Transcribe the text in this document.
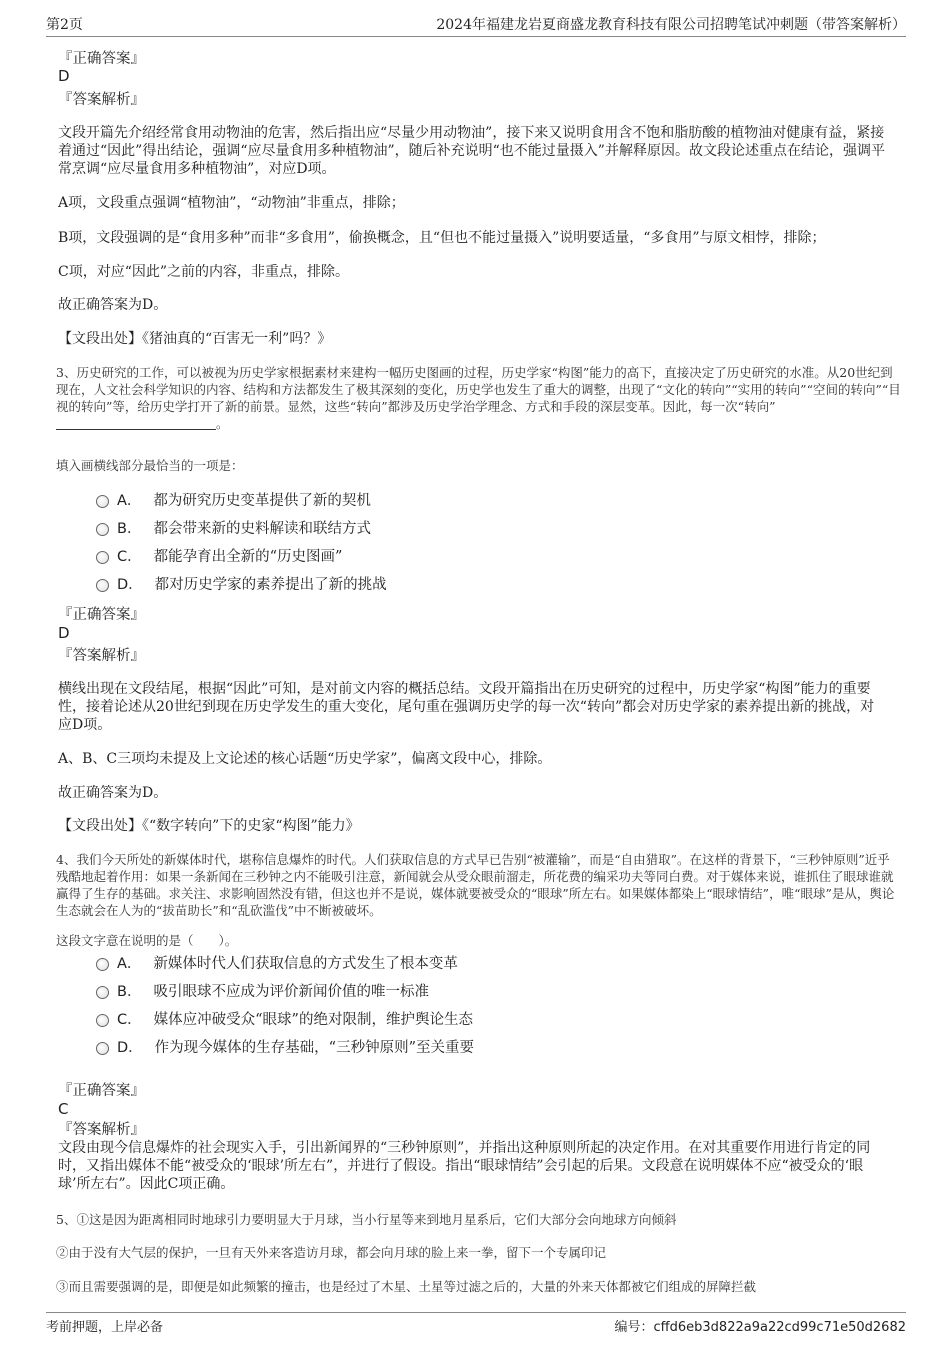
第2页	2024年福建龙岩夏商盛龙教育科技有限公司招聘笔试冲刺题（带答案解析）
『正确答案』
D
『答案解析』
文段开篇先介绍经常食用动物油的危害，然后指出应“尽量少用动物油”，接下来又说明食用含不饱和脂肪酸的植物油对健康有益，紧接着通过“因此”得出结论，强调“应尽量食用多种植物油”，随后补充说明“也不能过量摄入”并解释原因。故文段论述重点在结论，强调平常烹调“应尽量食用多种植物油”，对应D项。
A项，文段重点强调“植物油”，“动物油”非重点，排除；
B项，文段强调的是“食用多种”而非“多食用”，偷换概念，且“但也不能过量摄入”说明要适量，“多食用”与原文相悖，排除；
C项，对应“因此”之前的内容，非重点，排除。
故正确答案为D。
【文段出处】《猪油真的“百害无一利”吗？》
3、历史研究的工作，可以被视为历史学家根据素材来建构一幅历史图画的过程，历史学家“构图”能力的高下，直接决定了历史研究的水准。从20世纪到现在，人文社会科学知识的内容、结构和方法都发生了极其深刻的变化，历史学也发生了重大的调整，出现了“文化的转向”“实用的转向”“空间的转向”“目视的转向”等，给历史学打开了新的前景。显然，这些“转向”都涉及历史学治学理念、方式和手段的深层变革。因此，每一次“转向” 。
填入画横线部分最恰当的一项是：
A． 都为研究历史变革提供了新的契机
B． 都会带来新的史料解读和联结方式
C． 都能孕育出全新的“历史图画”
D． 都对历史学家的素养提出了新的挑战
『正确答案』
D
『答案解析』
横线出现在文段结尾，根据“因此”可知，是对前文内容的概括总结。文段开篇指出在历史研究的过程中，历史学家“构图”能力的重要性，接着论述从20世纪到现在历史学发生的重大变化，尾句重在强调历史学的每一次“转向”都会对历史学家的素养提出新的挑战，对应D项。
A、B、C三项均未提及上文论述的核心话题“历史学家”，偏离文段中心，排除。
故正确答案为D。
【文段出处】《“数字转向”下的史家“构图”能力》
4、我们今天所处的新媒体时代，堪称信息爆炸的时代。人们获取信息的方式早已告别“被灌输”，而是“自由猎取”。在这样的背景下，“三秒钟原则”近乎残酷地起着作用：如果一条新闻在三秒钟之内不能吸引注意，新闻就会从受众眼前溜走，所花费的编采功夫等同白费。对于媒体来说，谁抓住了眼球谁就赢得了生存的基础。求关注、求影响固然没有错，但这也并不是说，媒体就要被受众的“眼球”所左右。如果媒体都染上“眼球情结”，唯“眼球”是从，舆论生态就会在人为的“拔苗助长”和“乱砍滥伐”中不断被破坏。
这段文字意在说明的是（　　）。
A． 新媒体时代人们获取信息的方式发生了根本变革
B． 吸引眼球不应成为评价新闻价值的唯一标准
C． 媒体应冲破受众“眼球”的绝对限制，维护舆论生态
D． 作为现今媒体的生存基础，“三秒钟原则”至关重要
『正确答案』
C
『答案解析』
文段由现今信息爆炸的社会现实入手，引出新闻界的“三秒钟原则”，并指出这种原则所起的决定作用。在对其重要作用进行肯定的同时，又指出媒体不能“被受众的‘眼球’所左右”，并进行了假设。指出“眼球情结”会引起的后果。文段意在说明媒体不应“被受众的‘眼球’所左右”。因此C项正确。
5、①这是因为距离相同时地球引力要明显大于月球，当小行星等来到地月星系后，它们大部分会向地球方向倾斜
②由于没有大气层的保护，一旦有天外来客造访月球，都会向月球的脸上来一拳，留下一个专属印记
③而且需要强调的是，即便是如此频繁的撞击，也是经过了木星、土星等过滤之后的，大量的外来天体都被它们组成的屏障拦截
考前押题，上岸必备	编号：cffd6eb3d822a9a22cd99c71e50d2682
